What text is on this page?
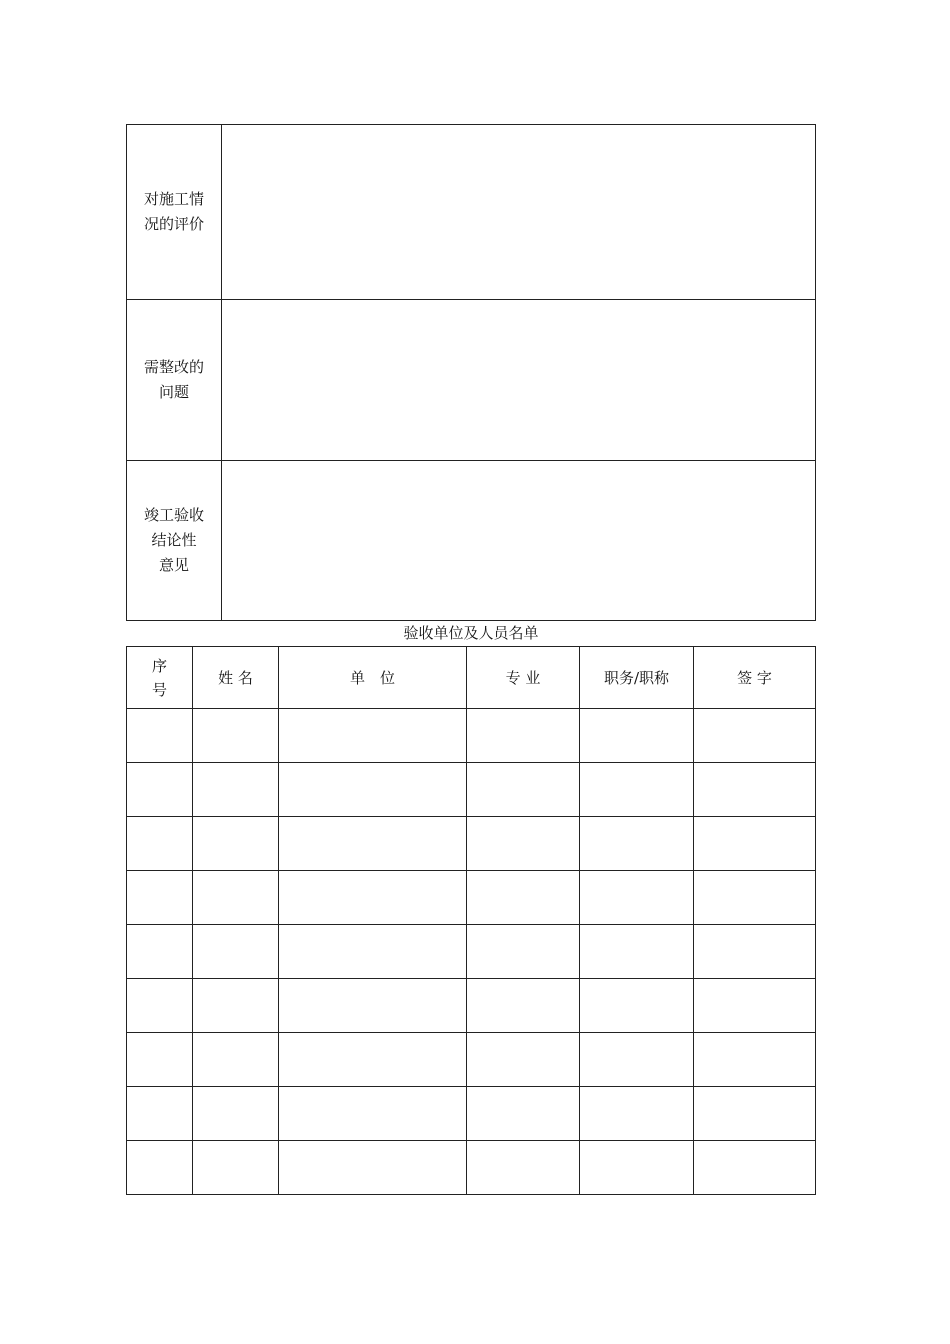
对施工情
况的评价	

需整改的
问题	

竣工验收
结论性
意见	

验收单位及人员名单
序
号	姓 名	单　位	专 业	职务/职称	签 字
